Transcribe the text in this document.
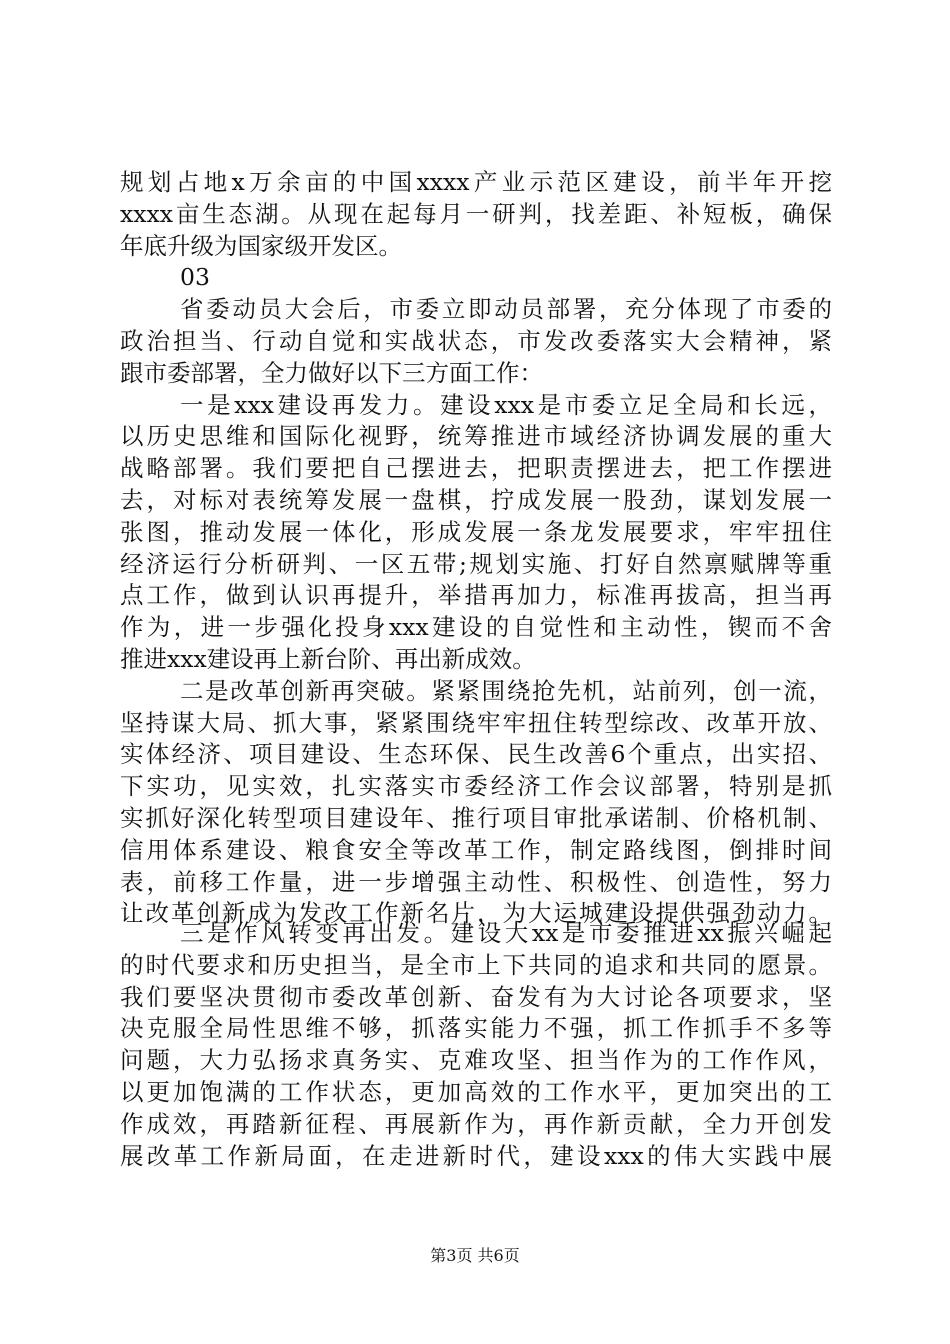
规划占地x万余亩的中国xxxx产业示范区建设，前半年开挖
xxxx亩生态湖。从现在起每月一研判，找差距、补短板，确保
年底升级为国家级开发区。
03
省委动员大会后，市委立即动员部署，充分体现了市委的
政治担当、行动自觉和实战状态，市发改委落实大会精神，紧
跟市委部署，全力做好以下三方面工作：
一是xxx建设再发力。建设xxx是市委立足全局和长远，
以历史思维和国际化视野，统筹推进市域经济协调发展的重大
战略部署。我们要把自己摆进去，把职责摆进去，把工作摆进
去，对标对表统筹发展一盘棋，拧成发展一股劲，谋划发展一
张图，推动发展一体化，形成发展一条龙发展要求，牢牢扭住
经济运行分析研判、一区五带;规划实施、打好自然禀赋牌等重
点工作，做到认识再提升，举措再加力，标准再拔高，担当再
作为，进一步强化投身xxx建设的自觉性和主动性，锲而不舍
推进xxx建设再上新台阶、再出新成效。
二是改革创新再突破。紧紧围绕抢先机，站前列，创一流，
坚持谋大局、抓大事，紧紧围绕牢牢扭住转型综改、改革开放、
实体经济、项目建设、生态环保、民生改善6个重点，出实招、
下实功，见实效，扎实落实市委经济工作会议部署，特别是抓
实抓好深化转型项目建设年、推行项目审批承诺制、价格机制、
信用体系建设、粮食安全等改革工作，制定路线图，倒排时间
表，前移工作量，进一步增强主动性、积极性、创造性，努力
让改革创新成为发改工作新名片，为大运城建设提供强劲动力。
三是作风转变再出发。建设大xx是市委推进xx振兴崛起
的时代要求和历史担当，是全市上下共同的追求和共同的愿景。
我们要坚决贯彻市委改革创新、奋发有为大讨论各项要求，坚
决克服全局性思维不够，抓落实能力不强，抓工作抓手不多等
问题，大力弘扬求真务实、克难攻坚、担当作为的工作作风，
以更加饱满的工作状态，更加高效的工作水平，更加突出的工
作成效，再踏新征程、再展新作为，再作新贡献，全力开创发
展改革工作新局面，在走进新时代，建设xxx的伟大实践中展
第3页 共6页
